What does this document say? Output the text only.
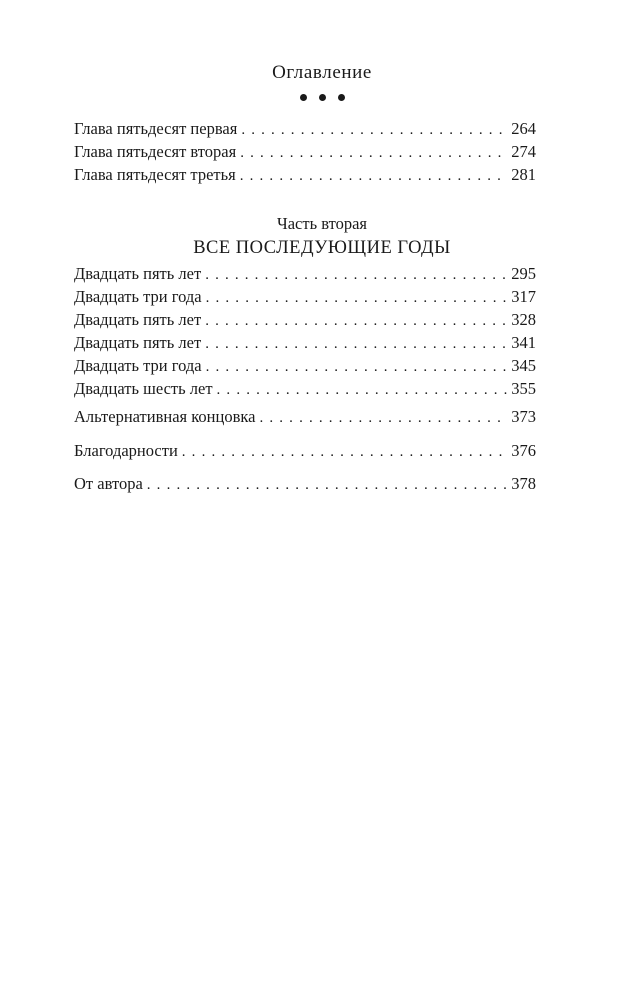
Оглавление
Глава пятьдесят первая . . .	264
Глава пятьдесят вторая . . .	274
Глава пятьдесят третья . . .	281
Часть вторая
ВСЕ ПОСЛЕДУЮЩИЕ ГОДЫ
Двадцать пять лет . . .	295
Двадцать три года . . .	317
Двадцать пять лет . . .	328
Двадцать пять лет . . .	341
Двадцать три года . . .	345
Двадцать шесть лет . . .	355
Альтернативная концовка . . .	373
Благодарности . . .	376
От автора . . .	378
